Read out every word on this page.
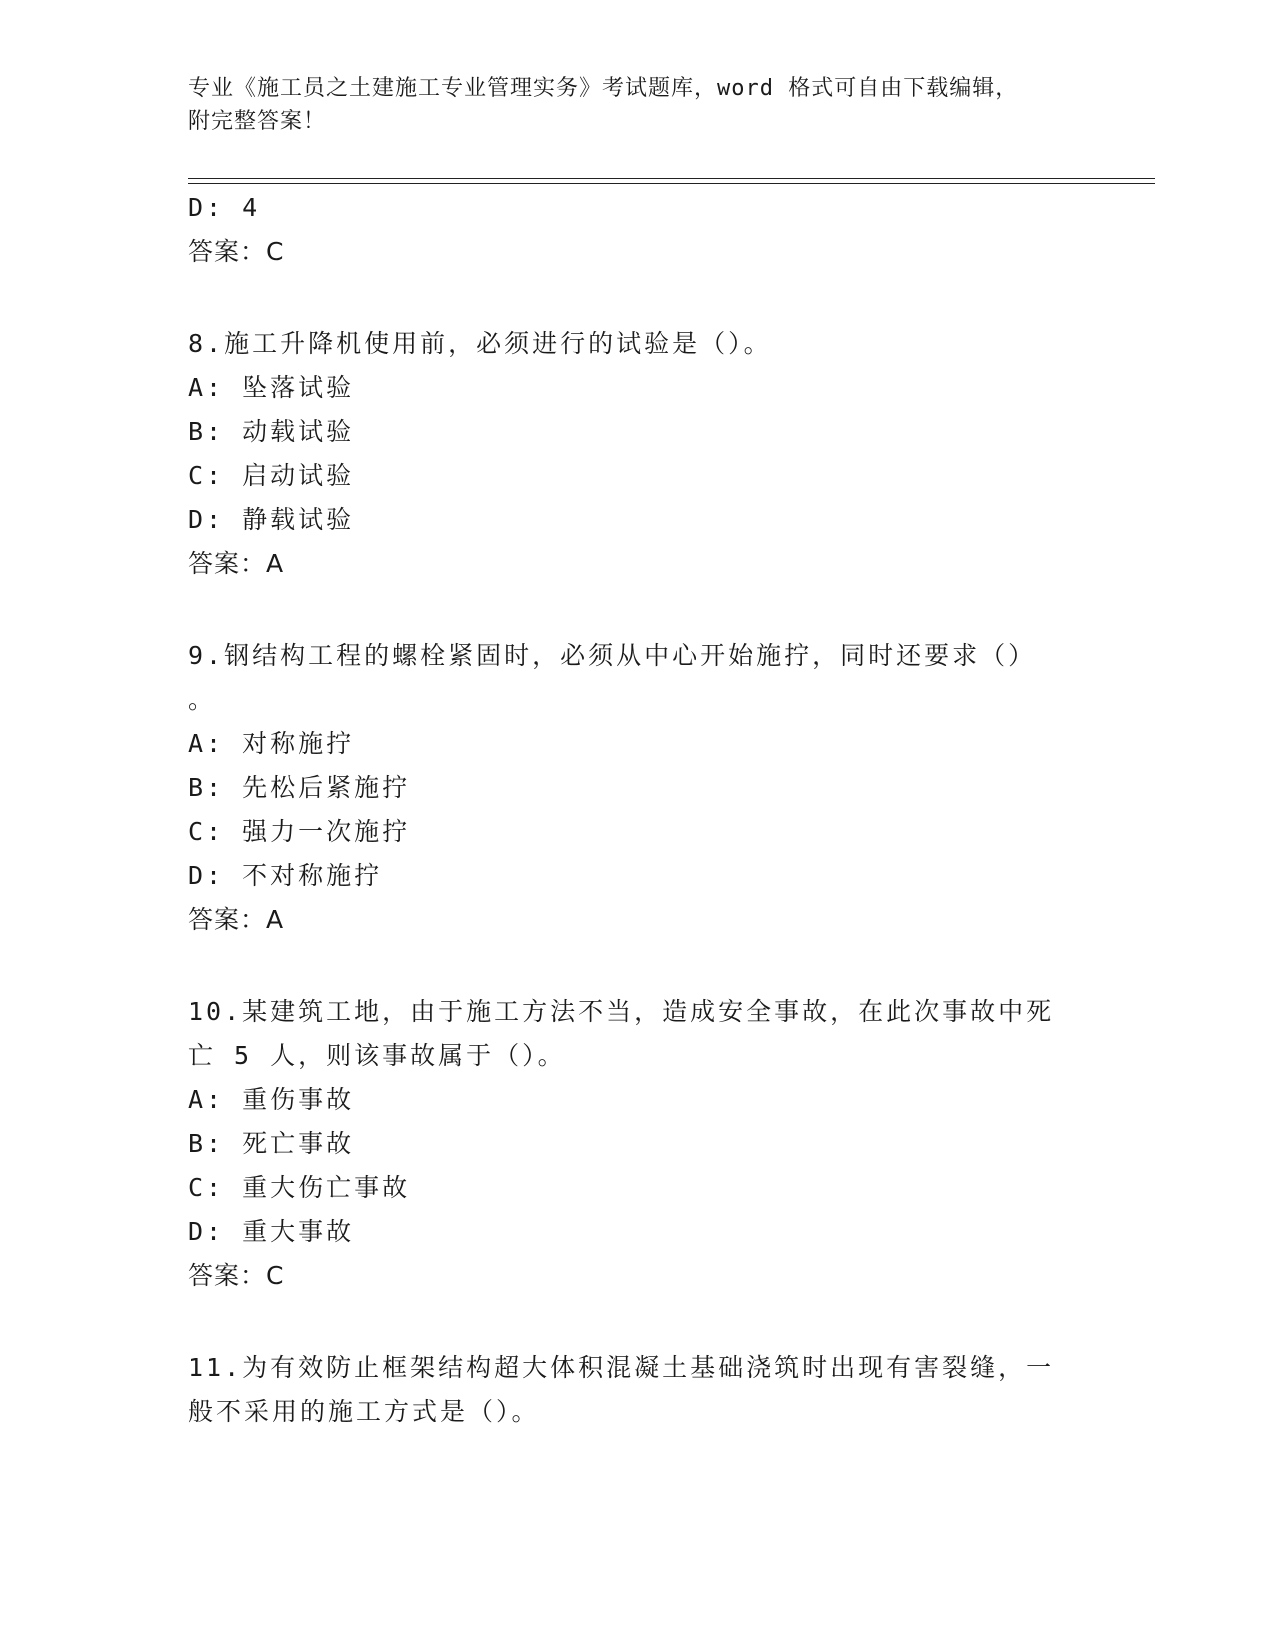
专业《施工员之土建施工专业管理实务》考试题库，word 格式可自由下载编辑，
附完整答案！
D: 4
答案：C
8.施工升降机使用前，必须进行的试验是（）。
A: 坠落试验
B: 动载试验
C: 启动试验
D: 静载试验
答案：A
9.钢结构工程的螺栓紧固时，必须从中心开始施拧，同时还要求（）
。
A: 对称施拧
B: 先松后紧施拧
C: 强力一次施拧
D: 不对称施拧
答案：A
10.某建筑工地，由于施工方法不当，造成安全事故，在此次事故中死
亡 5 人，则该事故属于（）。
A: 重伤事故
B: 死亡事故
C: 重大伤亡事故
D: 重大事故
答案：C
11.为有效防止框架结构超大体积混凝土基础浇筑时出现有害裂缝，一
般不采用的施工方式是（）。
